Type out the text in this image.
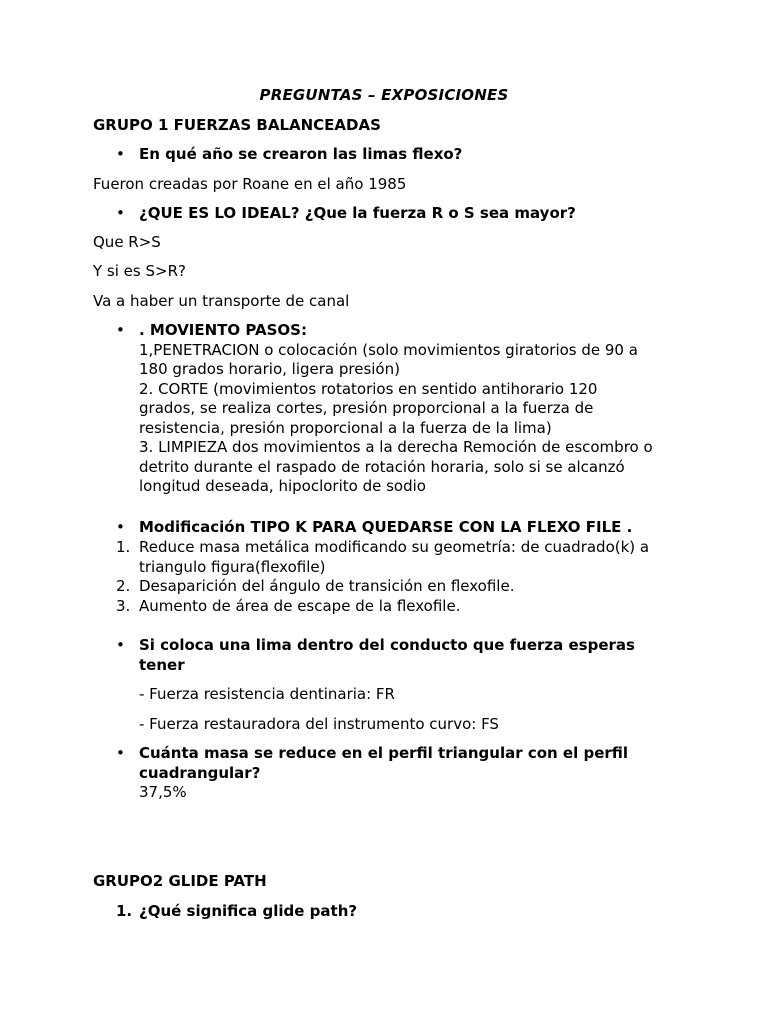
PREGUNTAS – EXPOSICIONES
GRUPO 1 FUERZAS BALANCEADAS
• En qué año se crearon las limas flexo?
Fueron creadas por Roane en el año 1985
• ¿QUE ES LO IDEAL? ¿Que la fuerza R o S sea mayor?
Que R>S
Y si es S>R?
Va a haber un transporte de canal
• . MOVIENTO PASOS:
1,PENETRACION o colocación (solo movimientos giratorios de 90 a
180 grados horario, ligera presión)
2. CORTE (movimientos rotatorios en sentido antihorario 120
grados, se realiza cortes, presión proporcional a la fuerza de
resistencia, presión proporcional a la fuerza de la lima)
3. LIMPIEZA dos movimientos a la derecha Remoción de escombro o
detrito durante el raspado de rotación horaria, solo si se alcanzó
longitud deseada, hipoclorito de sodio
• Modificación TIPO K PARA QUEDARSE CON LA FLEXO FILE .
1. Reduce masa metálica modificando su geometría: de cuadrado(k) a
triangulo figura(flexofile)
2. Desaparición del ángulo de transición en flexofile.
3. Aumento de área de escape de la flexofile.
• Si coloca una lima dentro del conducto que fuerza esperas
tener
- Fuerza resistencia dentinaria: FR
- Fuerza restauradora del instrumento curvo: FS
• Cuánta masa se reduce en el perfil triangular con el perfil
cuadrangular?
37,5%
GRUPO2 GLIDE PATH
1. ¿Qué significa glide path?
